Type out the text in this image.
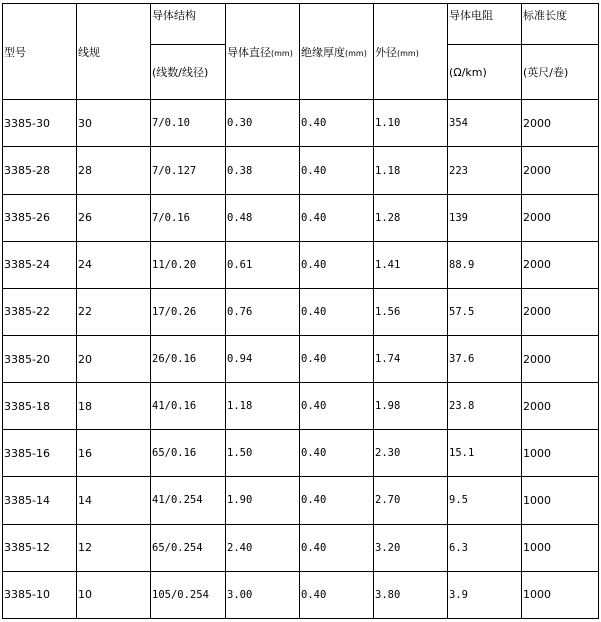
型号	线规	导体结构	导体直径(mm)	绝缘厚度(mm)	外径(mm)	导体电阻	标准长度
		(线数/线径)				(Ω/km)	(英尺/卷)
3385-30	30	7/0.10	0.30	0.40	1.10	354	2000
3385-28	28	7/0.127	0.38	0.40	1.18	223	2000
3385-26	26	7/0.16	0.48	0.40	1.28	139	2000
3385-24	24	11/0.20	0.61	0.40	1.41	88.9	2000
3385-22	22	17/0.26	0.76	0.40	1.56	57.5	2000
3385-20	20	26/0.16	0.94	0.40	1.74	37.6	2000
3385-18	18	41/0.16	1.18	0.40	1.98	23.8	2000
3385-16	16	65/0.16	1.50	0.40	2.30	15.1	1000
3385-14	14	41/0.254	1.90	0.40	2.70	9.5	1000
3385-12	12	65/0.254	2.40	0.40	3.20	6.3	1000
3385-10	10	105/0.254	3.00	0.40	3.80	3.9	1000
